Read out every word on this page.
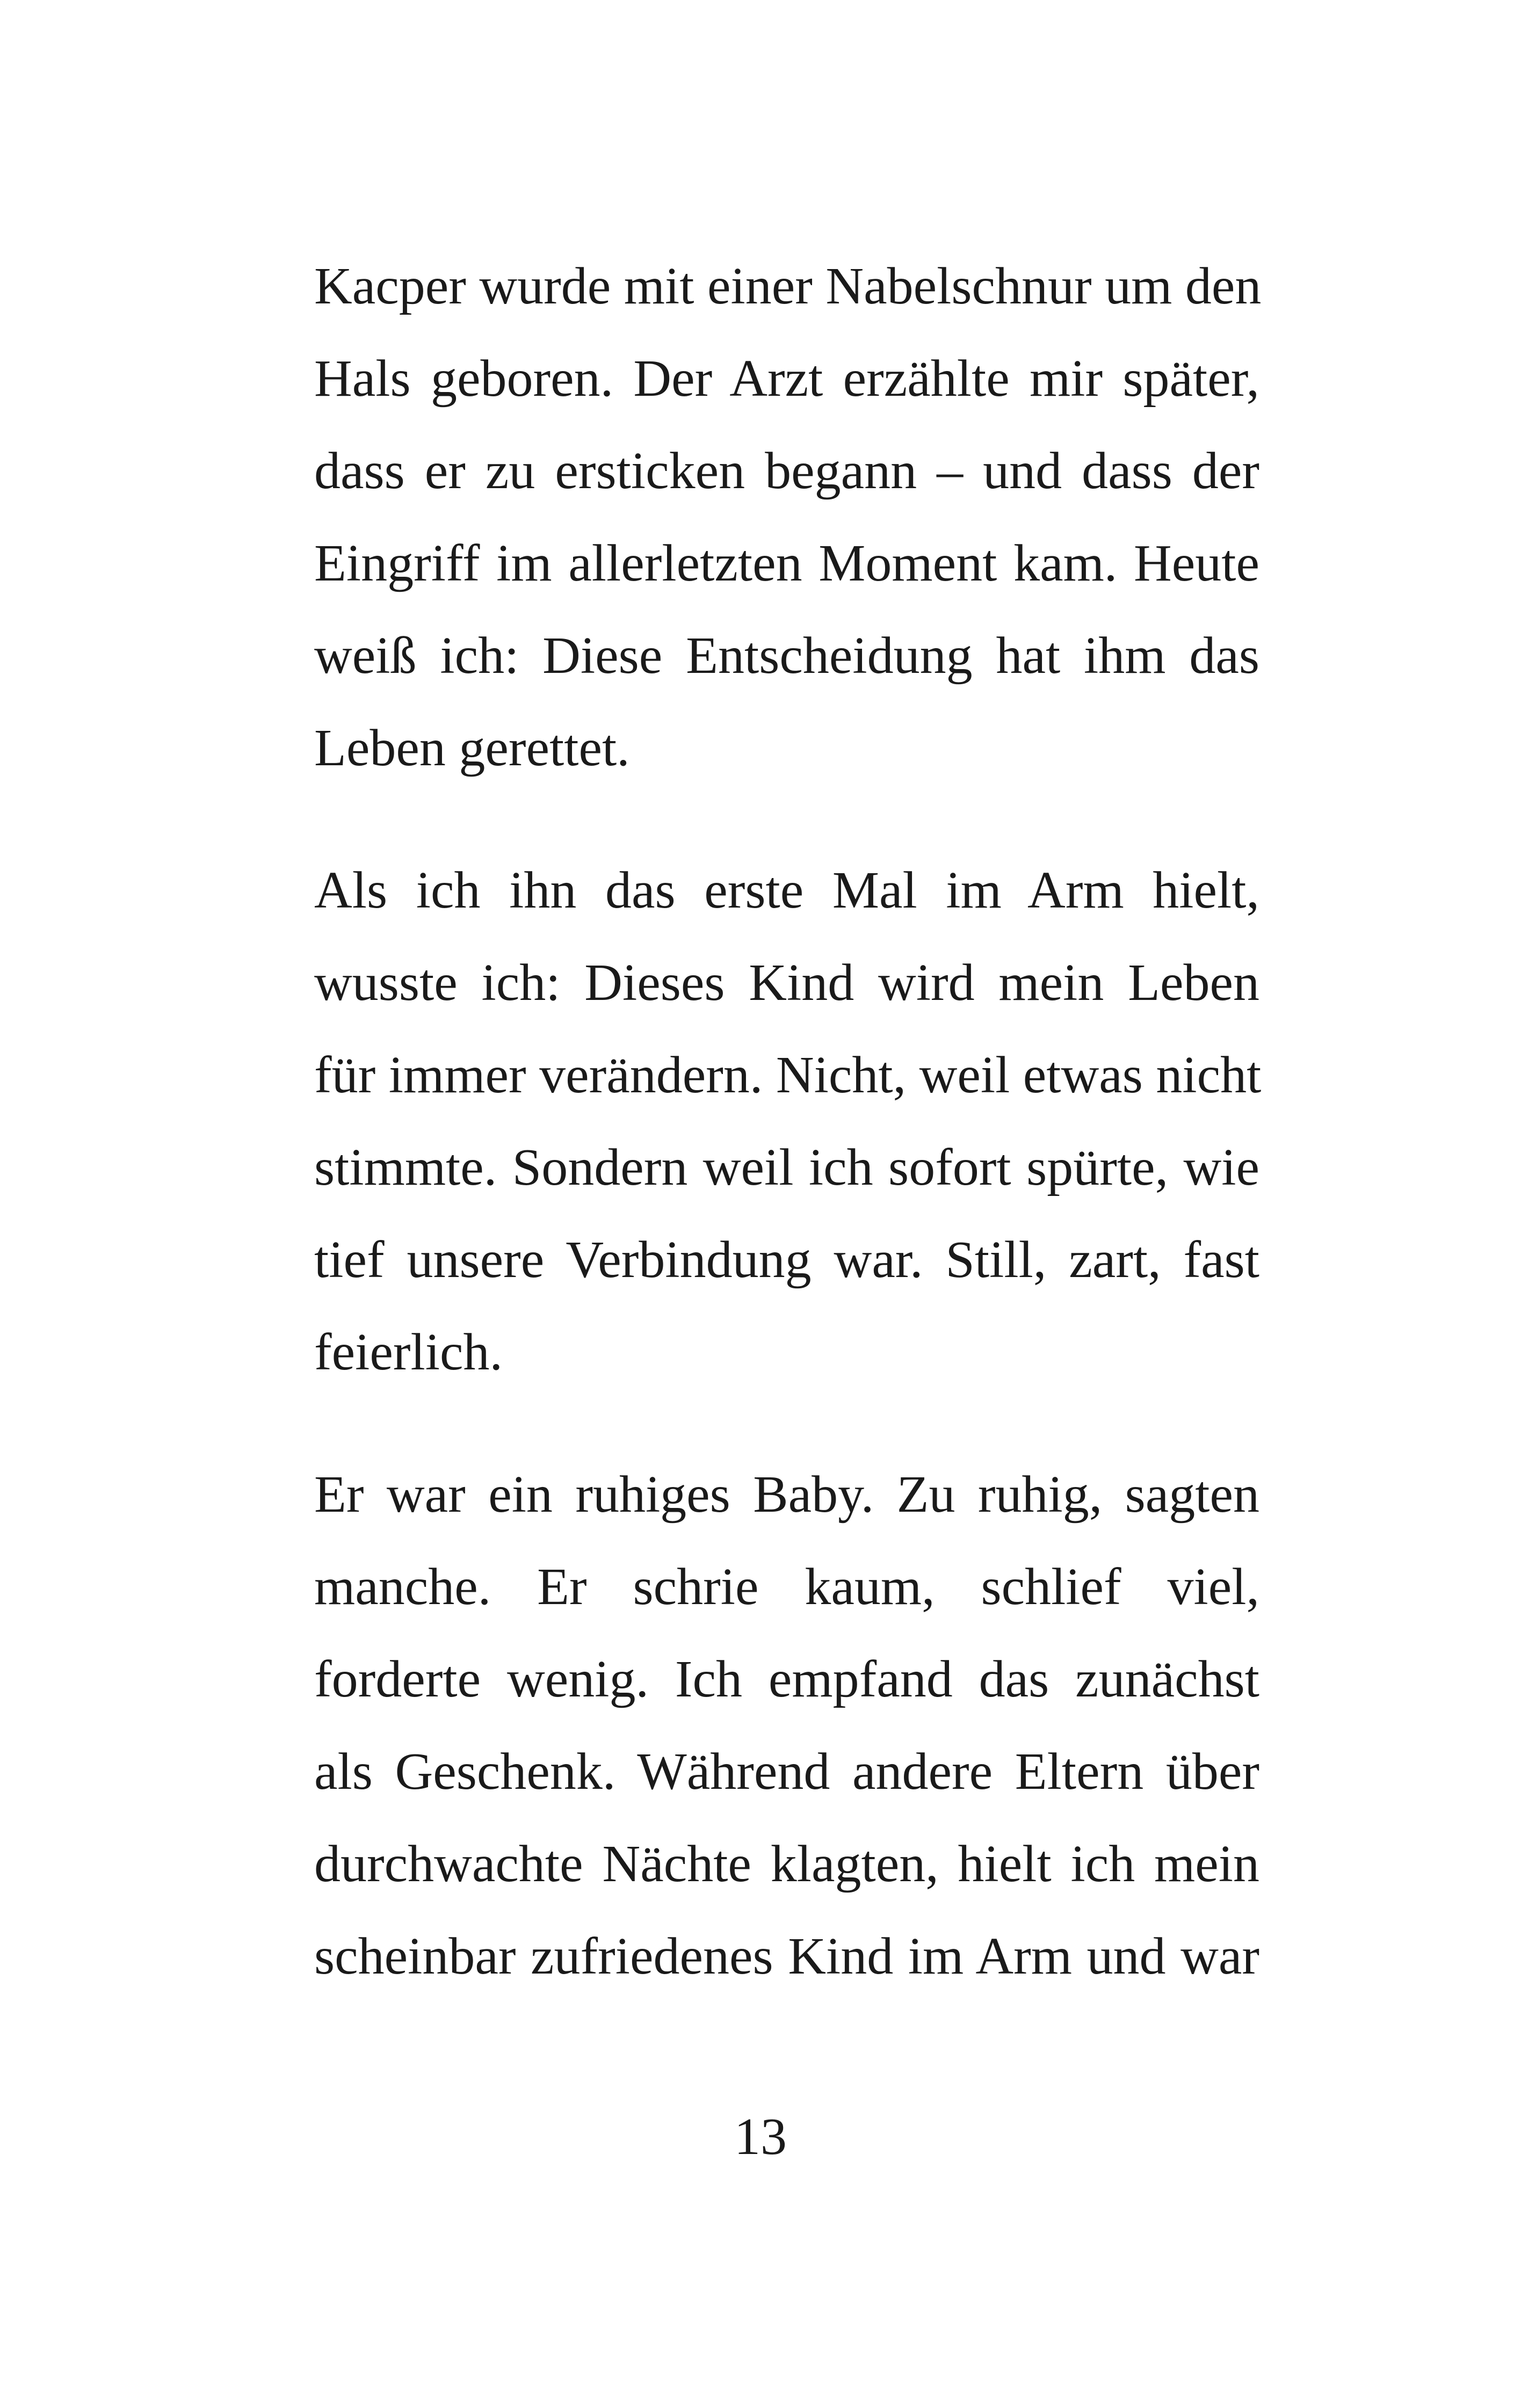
Kacper wurde mit einer Nabelschnur um den
Hals geboren. Der Arzt erzählte mir später,
dass er zu ersticken begann – und dass der
Eingriff im allerletzten Moment kam. Heute
weiß ich: Diese Entscheidung hat ihm das
Leben gerettet.
Als ich ihn das erste Mal im Arm hielt,
wusste ich: Dieses Kind wird mein Leben
für immer verändern. Nicht, weil etwas nicht
stimmte. Sondern weil ich sofort spürte, wie
tief unsere Verbindung war. Still, zart, fast
feierlich.
Er war ein ruhiges Baby. Zu ruhig, sagten
manche. Er schrie kaum, schlief viel,
forderte wenig. Ich empfand das zunächst
als Geschenk. Während andere Eltern über
durchwachte Nächte klagten, hielt ich mein
scheinbar zufriedenes Kind im Arm und war
13
